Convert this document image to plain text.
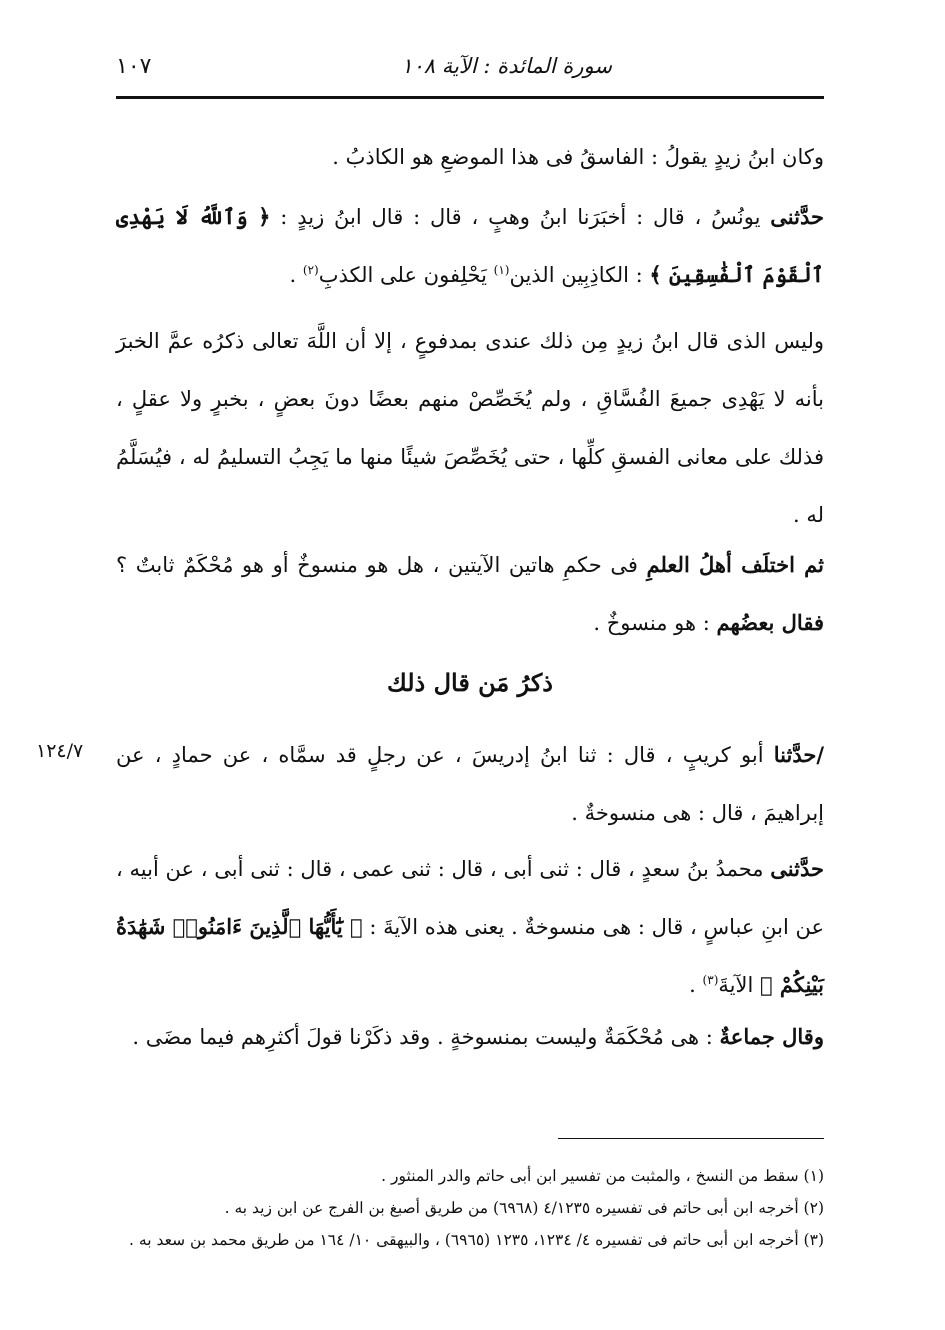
١٠٧	سورة المائدة : الآية ١٠٨
وكان ابنُ زيدٍ يقولُ : الفاسقُ فى هذا الموضعِ هو الكاذبُ .
حدَّثنى يونُسُ ، قال : أخبَرَنا ابنُ وهبٍ ، قال : قال ابنُ زيدٍ : ﴿ وَٱللَّهُ لَا يَهْدِى ٱلْقَوْمَ ٱلْفَٰسِقِينَ ﴾ : الكاذِبِين الذين$^{(١)}$ يَحْلِفون على الكذبِ$^{(٢)}$ .
وليس الذى قال ابنُ زيدٍ مِن ذلك عندى بمدفوعٍ ، إلا أن اللَّهَ تعالى ذكرُه عمَّ الخبرَ بأنه لا يَهْدِى جميعَ الفُسَّاقِ ، ولم يُخَصِّصْ منهم بعضًا دونَ بعضٍ ، بخبرٍ ولا عقلٍ ، فذلك على معانى الفسقِ كلِّها ، حتى يُخَصِّصَ شيئًا منها ما يَجِبُ التسليمُ له ، فيُسَلَّمُ له .
ثم اختلَف أهلُ العلمِ فى حكمِ هاتين الآيتين ، هل هو منسوخٌ أو هو مُحْكَمٌ ثابتٌ ؟ فقال بعضُهم : هو منسوخٌ .
ذكرُ مَن قال ذلك
١٢٤/٧	/حدَّثنا أبو كريبٍ ، قال : ثنا ابنُ إدريسَ ، عن رجلٍ قد سمَّاه ، عن حمادٍ ، عن إبراهيمَ ، قال : هى منسوخةٌ .
حدَّثنى محمدُ بنُ سعدٍ ، قال : ثنى أبى ، قال : ثنى عمى ، قال : ثنى أبى ، عن أبيه ، عن ابنِ عباسٍ ، قال : هى منسوخةٌ . يعنى هذه الآيةَ : ﴿ يَٰٓأَيُّهَا ٱلَّذِينَ ءَامَنُوا۟ شَهَٰدَةُ بَيْنِكُمْ ﴾ الآيةَ$^{(٣)}$ .
وقال جماعةٌ : هى مُحْكَمَةٌ وليست بمنسوخةٍ . وقد ذكَرْنا قولَ أكثرِهم فيما مضَى .
(١) سقط من النسخ ، والمثبت من تفسير ابن أبى حاتم والدر المنثور .
(٢) أخرجه ابن أبى حاتم فى تفسيره ٤/١٢٣٥ (٦٩٦٨) من طريق أصبغ بن الفرج عن ابن زيد به .
(٣) أخرجه ابن أبى حاتم فى تفسيره ٤/ ١٢٣٤، ١٢٣٥ (٦٩٦٥) ، والبيهقى ١٠/ ١٦٤ من طريق محمد بن سعد به .
